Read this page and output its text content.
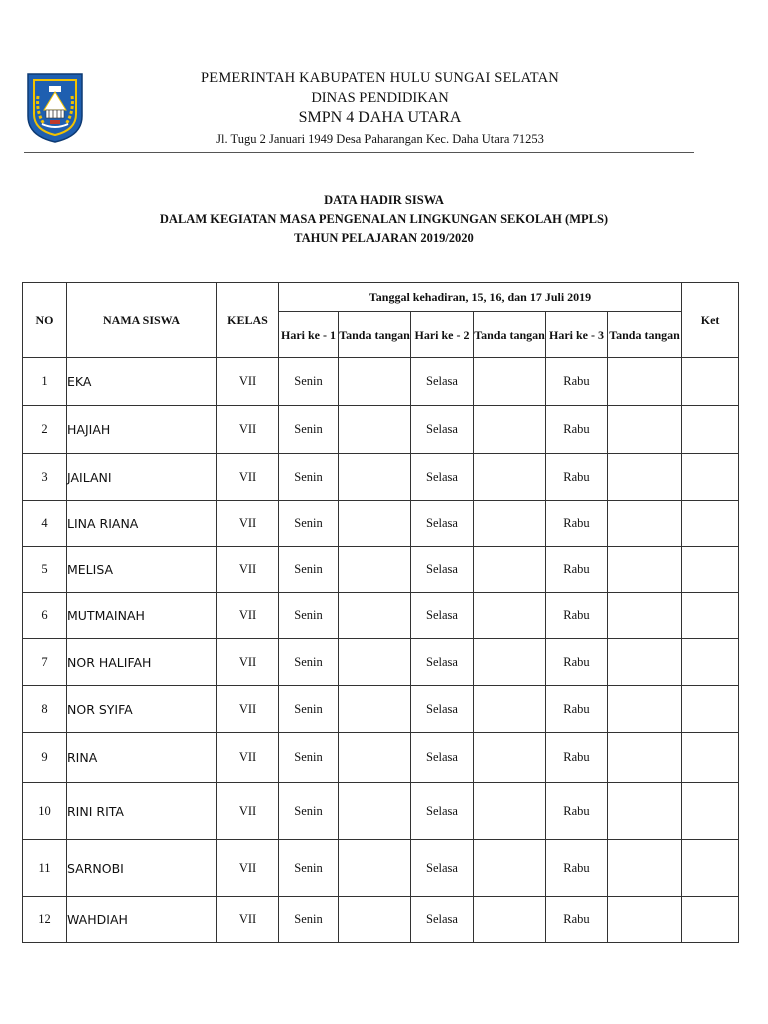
PEMERINTAH KABUPATEN HULU SUNGAI SELATAN
DINAS PENDIDIKAN
SMPN 4 DAHA UTARA
Jl. Tugu 2 Januari 1949 Desa Paharangan Kec. Daha Utara 71253
DATA HADIR SISWA
DALAM KEGIATAN MASA PENGENALAN LINGKUNGAN SEKOLAH (MPLS)
TAHUN PELAJARAN 2019/2020
NO	NAMA SISWA	KELAS	Tanggal kehadiran, 15, 16, dan 17 Juli 2019						Ket
			Hari ke - 1	Tanda tangan	Hari ke - 2	Tanda tangan	Hari ke - 3	Tanda tangan	
1	EKA	VII	Senin		Selasa		Rabu		
2	HAJIAH	VII	Senin		Selasa		Rabu		
3	JAILANI	VII	Senin		Selasa		Rabu		
4	LINA RIANA	VII	Senin		Selasa		Rabu		
5	MELISA	VII	Senin		Selasa		Rabu		
6	MUTMAINAH	VII	Senin		Selasa		Rabu		
7	NOR HALIFAH	VII	Senin		Selasa		Rabu		
8	NOR SYIFA	VII	Senin		Selasa		Rabu		
9	RINA	VII	Senin		Selasa		Rabu		
10	RINI RITA	VII	Senin		Selasa		Rabu		
11	SARNOBI	VII	Senin		Selasa		Rabu		
12	WAHDIAH	VII	Senin		Selasa		Rabu		
